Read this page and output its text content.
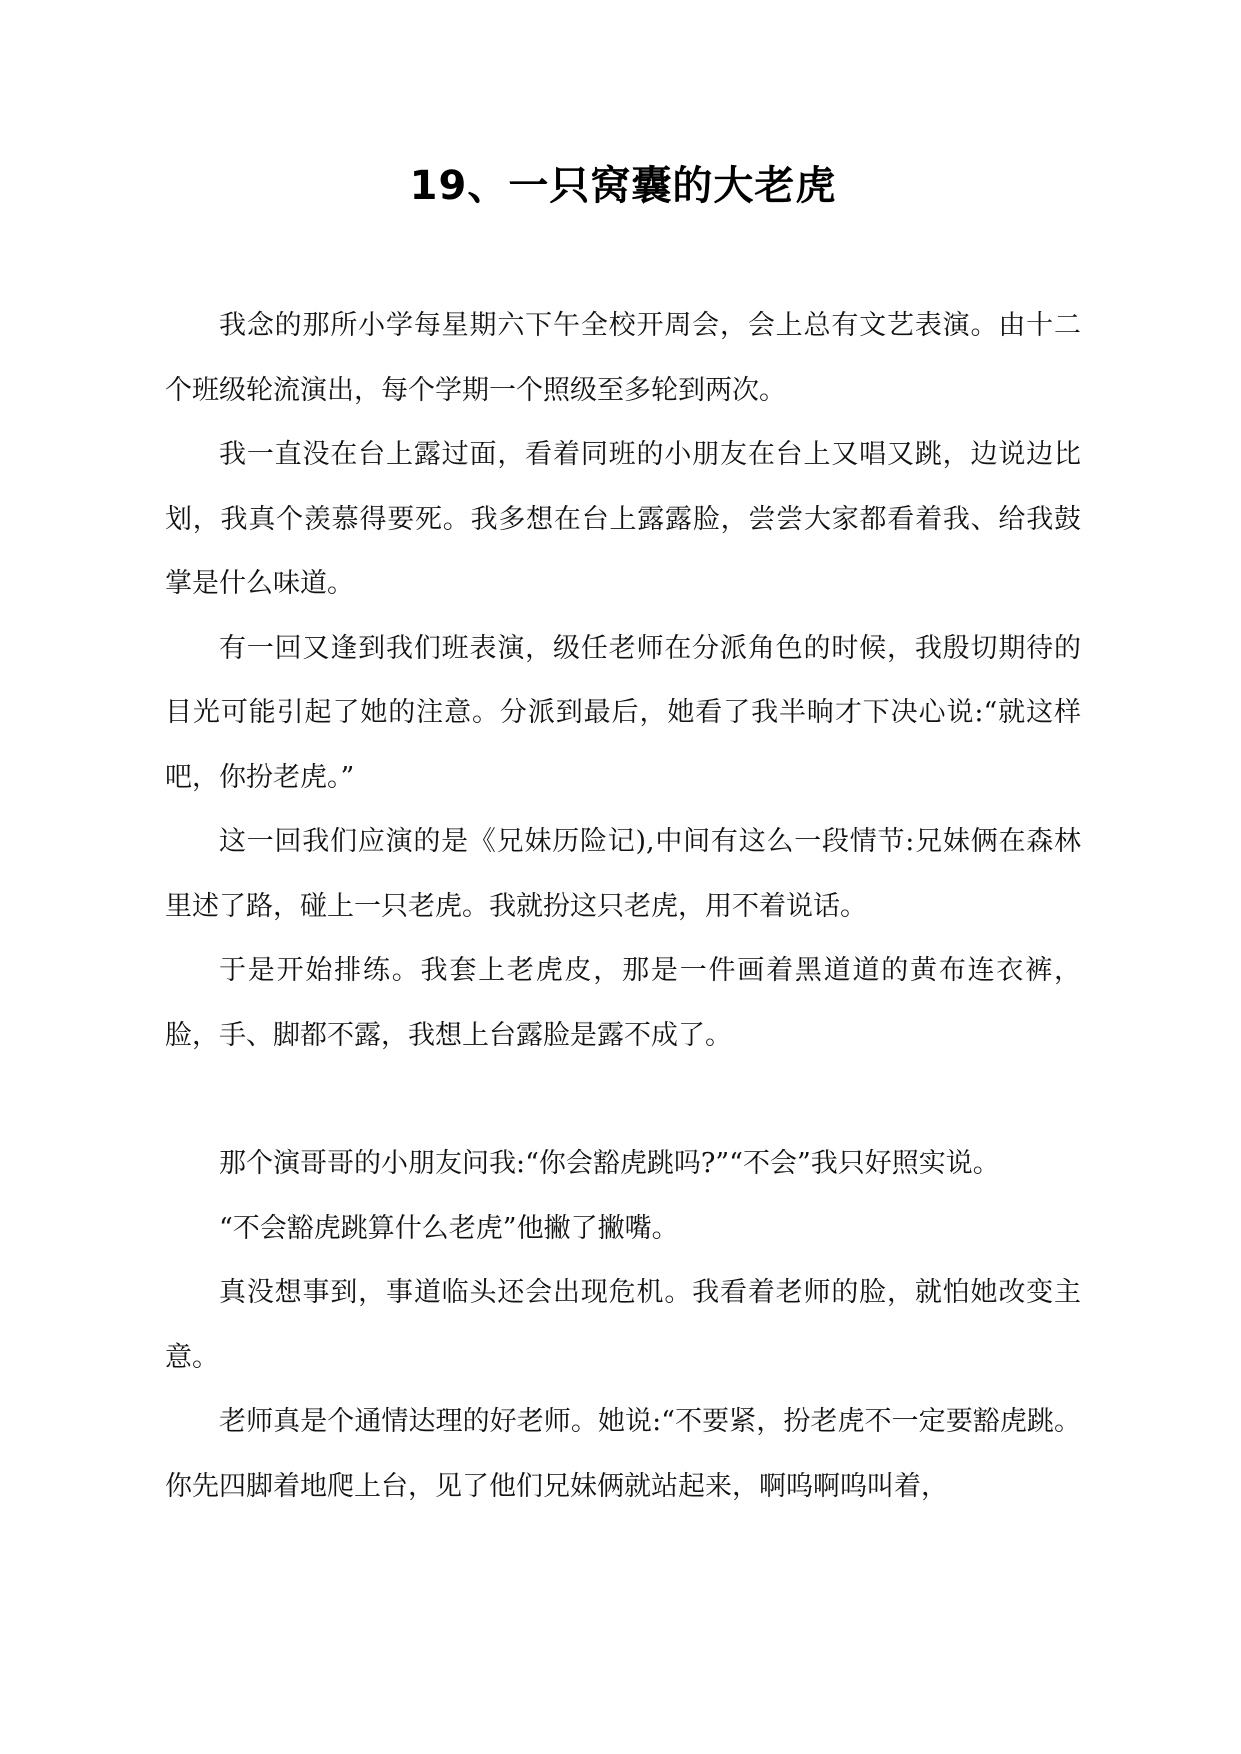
19、一只窝囊的大老虎

我念的那所小学每星期六下午全校开周会，会上总有文艺表演。由十二个班级轮流演出，每个学期一个照级至多轮到两次。

我一直没在台上露过面，看着同班的小朋友在台上又唱又跳，边说边比划，我真个羡慕得要死。我多想在台上露露脸，尝尝大家都看着我、给我鼓掌是什么味道。

有一回又逢到我们班表演，级任老师在分派角色的时候，我殷切期待的目光可能引起了她的注意。分派到最后，她看了我半晌才下决心说:“就这样吧，你扮老虎。”

这一回我们应演的是《兄妹历险记),中间有这么一段情节:兄妹俩在森林里述了路，碰上一只老虎。我就扮这只老虎，用不着说话。

于是开始排练。我套上老虎皮，那是一件画着黑道道的黄布连衣裤，脸，手、脚都不露，我想上台露脸是露不成了。

那个演哥哥的小朋友问我:“你会豁虎跳吗?”“不会”我只好照实说。

“不会豁虎跳算什么老虎”他撇了撇嘴。

真没想事到，事道临头还会出现危机。我看着老师的脸，就怕她改变主意。

老师真是个通情达理的好老师。她说:“不要紧，扮老虎不一定要豁虎跳。你先四脚着地爬上台，见了他们兄妹俩就站起来，啊呜啊呜叫着，
